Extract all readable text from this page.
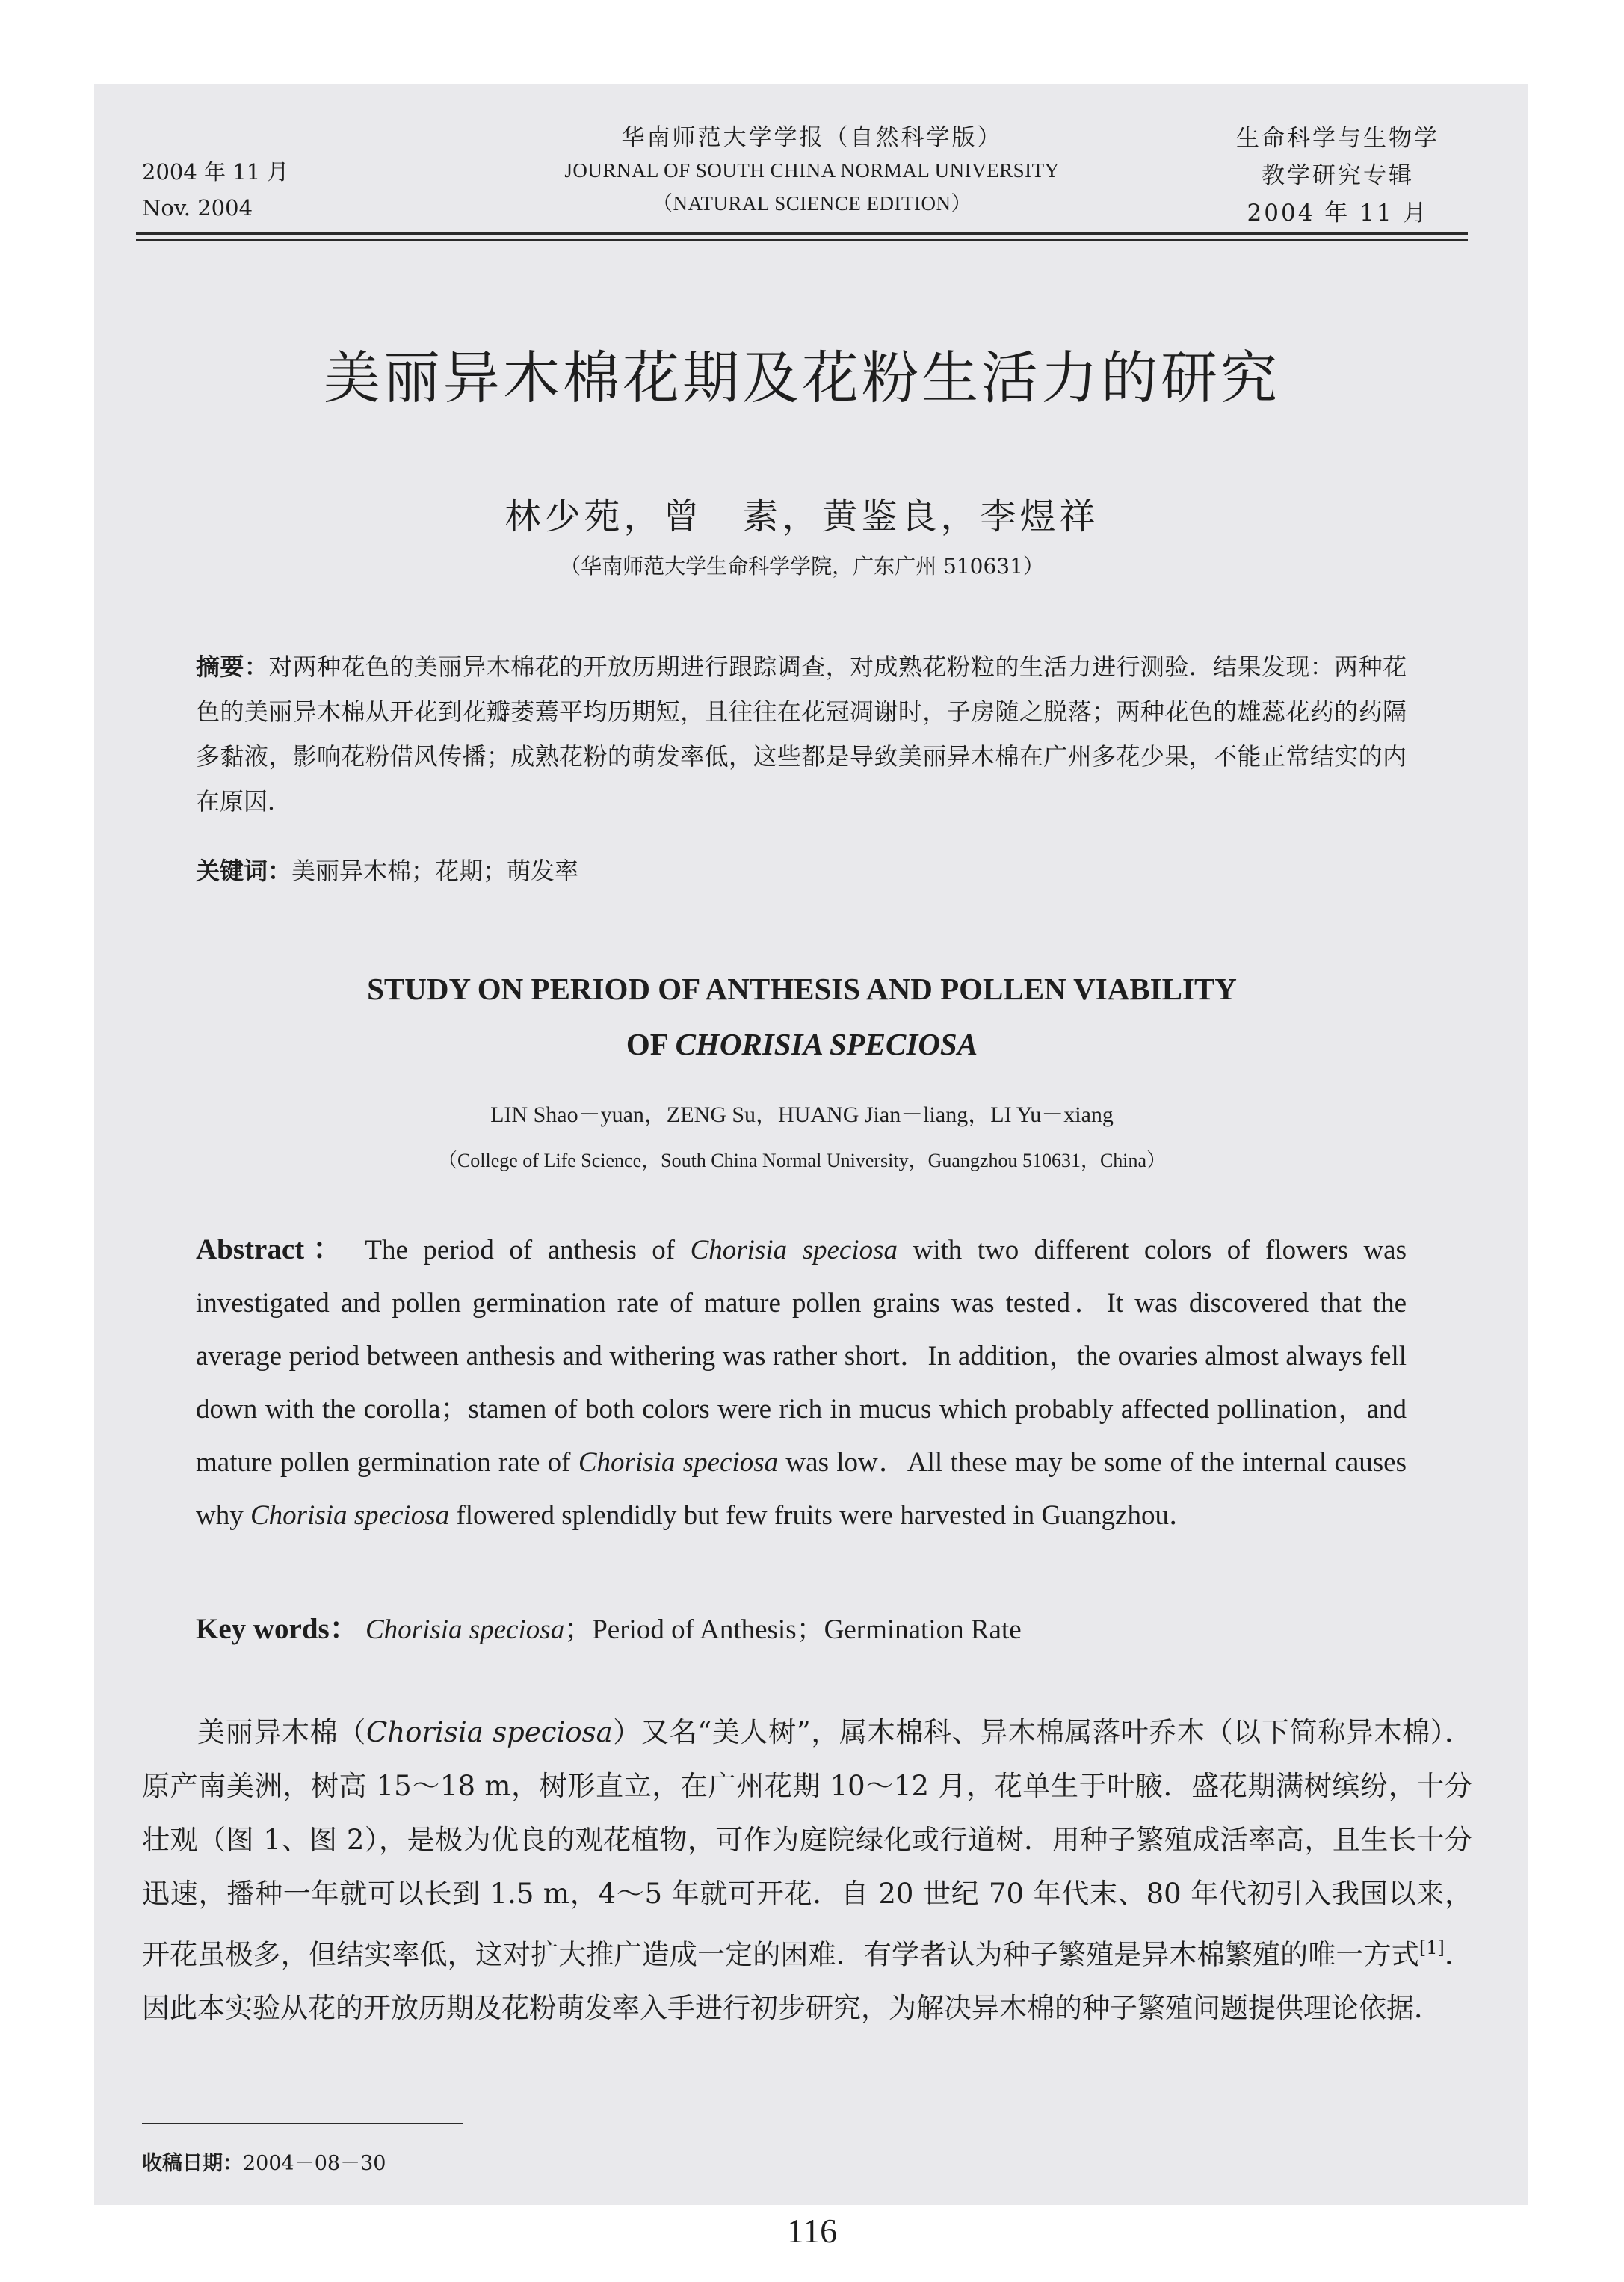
2004 年 11 月
Nov. 2004
华南师范大学学报（自然科学版）
JOURNAL OF SOUTH CHINA NORMAL UNIVERSITY
（NATURAL SCIENCE EDITION）
生命科学与生物学
教学研究专辑
2004 年 11 月
美丽异木棉花期及花粉生活力的研究
林少苑，曾　素，黄鉴良，李煜祥
（华南师范大学生命科学学院，广东广州 510631）
摘要：对两种花色的美丽异木棉花的开放历期进行跟踪调查，对成熟花粉粒的生活力进行测验．结果发现：两种花色的美丽异木棉从开花到花瓣萎蔫平均历期短，且往往在花冠凋谢时，子房随之脱落；两种花色的雄蕊花药的药隔多黏液，影响花粉借风传播；成熟花粉的萌发率低，这些都是导致美丽异木棉在广州多花少果，不能正常结实的内在原因．
关键词：美丽异木棉；花期；萌发率
STUDY ON PERIOD OF ANTHESIS AND POLLEN VIABILITY
OF CHORISIA SPECIOSA
LIN Shao－yuan，ZENG Su，HUANG Jian－liang，LI Yu－xiang
（College of Life Science，South China Normal University，Guangzhou 510631，China）
Abstract： The period of anthesis of Chorisia speciosa with two different colors of flowers was investigated and pollen germination rate of mature pollen grains was tested．It was discovered that the average period between anthesis and withering was rather short．In addition，the ovaries almost always fell down with the corolla；stamen of both colors were rich in mucus which probably affected pollination，and mature pollen germination rate of Chorisia speciosa was low．All these may be some of the internal causes why Chorisia speciosa flowered splendidly but few fruits were harvested in Guangzhou．
Key words： Chorisia speciosa；Period of Anthesis；Germination Rate
美丽异木棉（Chorisia speciosa）又名“美人树”，属木棉科、异木棉属落叶乔木（以下简称异木棉）．原产南美洲，树高 15～18 m，树形直立，在广州花期 10～12 月，花单生于叶腋．盛花期满树缤纷，十分壮观（图 1、图 2），是极为优良的观花植物，可作为庭院绿化或行道树．用种子繁殖成活率高，且生长十分迅速，播种一年就可以长到 1.5 m，4～5 年就可开花．自 20 世纪 70 年代末、80 年代初引入我国以来，开花虽极多，但结实率低，这对扩大推广造成一定的困难．有学者认为种子繁殖是异木棉繁殖的唯一方式[1]．因此本实验从花的开放历期及花粉萌发率入手进行初步研究，为解决异木棉的种子繁殖问题提供理论依据．
收稿日期：2004－08－30
116
